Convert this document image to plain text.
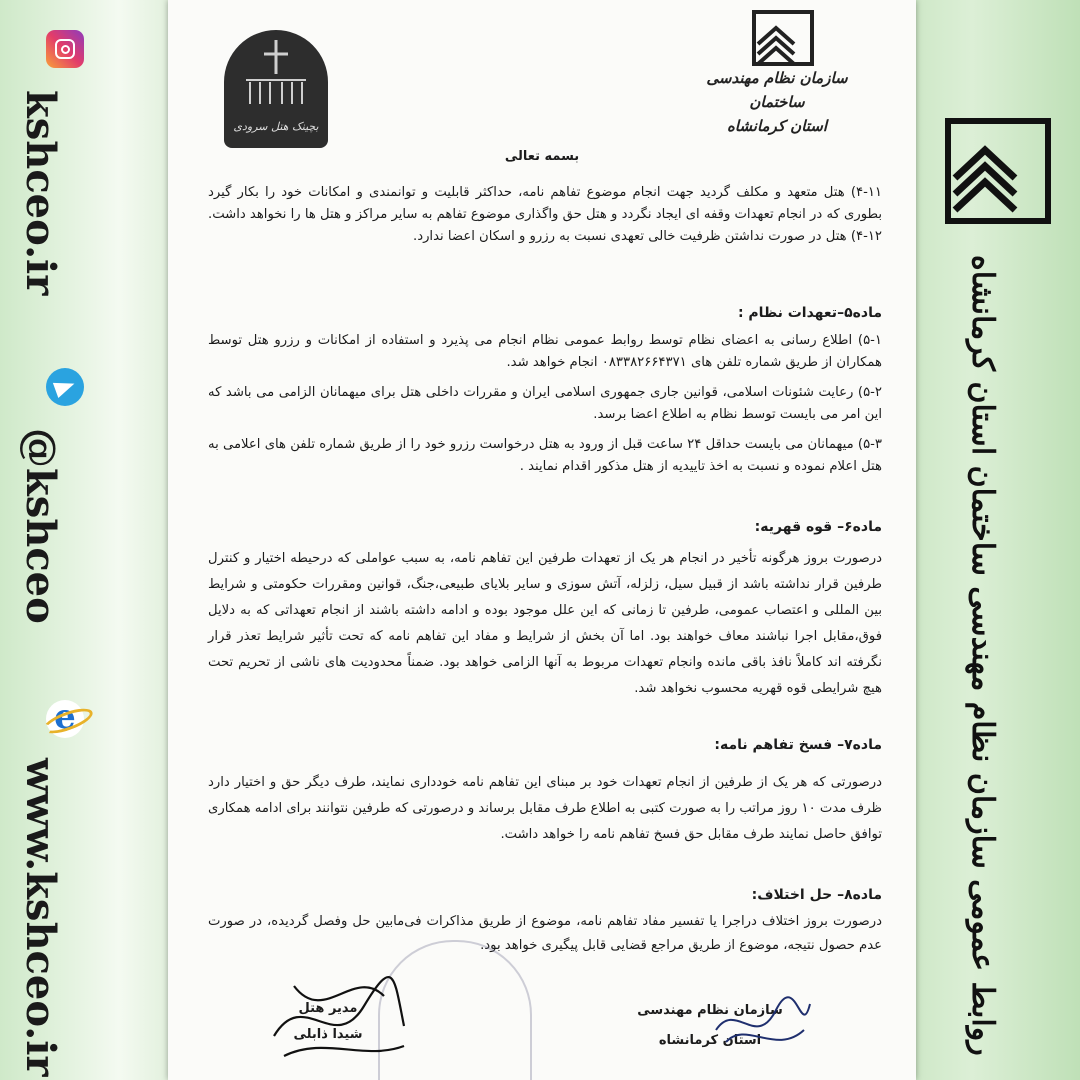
kshceo.ir
@kshceo
e
www.kshceo.ir	روابط عمومی سازمان نظام مهندسی ساختمان استان کرمانشاه
سازمان نظام مهندسی ساختمان
استان کرمانشاه
بچینک هتل سرودی
بسمه تعالی

۴-۱۱) هتل متعهد و مکلف گردید جهت انجام موضوع تفاهم نامه، حداکثر قابلیت و توانمندی و امکانات خود را بکار گیرد بطوری که در انجام تعهدات وقفه ای ایجاد نگردد و هتل حق واگذاری موضوع تفاهم به سایر مراکز و هتل ها را نخواهد داشت.

۴-۱۲) هتل در صورت نداشتن ظرفیت خالی تعهدی نسبت به رزرو و اسکان اعضا ندارد.

ماده۵–تعهدات نظام :

۵-۱) اطلاع رسانی به اعضای نظام توسط روابط عمومی نظام انجام می پذیرد و استفاده از امکانات و رزرو هتل توسط همکاران از طریق شماره تلفن های ۰۸۳۳۸۲۶۶۴۳۷۱ انجام خواهد شد.

۵-۲) رعایت شئونات اسلامی، قوانین جاری جمهوری اسلامی ایران و مقررات داخلی هتل برای میهمانان الزامی می باشد که این امر می بایست توسط نظام به اطلاع اعضا برسد.

۵-۳) میهمانان می بایست حداقل ۲۴ ساعت قبل از ورود به هتل درخواست رزرو خود را از طریق شماره تلفن های اعلامی به هتل اعلام نموده و نسبت به اخذ تاییدیه از هتل مذکور اقدام نمایند .

ماده۶– قوه قهریه:
درصورت بروز هرگونه تأخیر در انجام هر یک از تعهدات طرفین این تفاهم نامه، به سبب عواملی که درحیطه اختیار و کنترل طرفین قرار نداشته باشد از قبیل سیل، زلزله، آتش سوزی و سایر بلایای طبیعی،جنگ، قوانین ومقررات حکومتی و شرایط بین المللی و اعتصاب عمومی، طرفین تا زمانی که این علل موجود بوده و ادامه داشته باشند از انجام تعهداتی که به دلایل فوق،مقابل اجرا نباشند معاف خواهند بود. اما آن بخش از شرایط و مفاد این تفاهم نامه که تحت تأثیر شرایط تعذر قرار نگرفته اند کاملاً نافذ باقی مانده وانجام تعهدات مربوط به آنها الزامی خواهد بود. ضمناً محدودیت های ناشی از تحریم تحت هیچ شرایطی قوه قهریه محسوب نخواهد شد.
ماده۷– فسخ تفاهم نامه:
درصورتی که هر یک از طرفین از انجام تعهدات خود بر مبنای این تفاهم نامه خودداری نمایند، طرف دیگر حق و اختیار دارد ظرف مدت ۱۰ روز مراتب را به صورت کتبی به اطلاع طرف مقابل برساند و درصورتی که طرفین نتوانند برای ادامه همکاری توافق حاصل نمایند طرف مقابل حق فسخ تفاهم نامه را خواهد داشت.
ماده۸– حل اختلاف:
درصورت بروز اختلاف دراجرا یا تفسیر مفاد تفاهم نامه، موضوع از طریق مذاکرات فی‌مابین حل وفصل گردیده، در صورت عدم حصول نتیجه، موضوع از طریق مراجع قضایی قابل پیگیری خواهد بود.
سازمان نظام مهندسی
استان کرمانشاه
مدیر هتل
شیدا ذابلی
